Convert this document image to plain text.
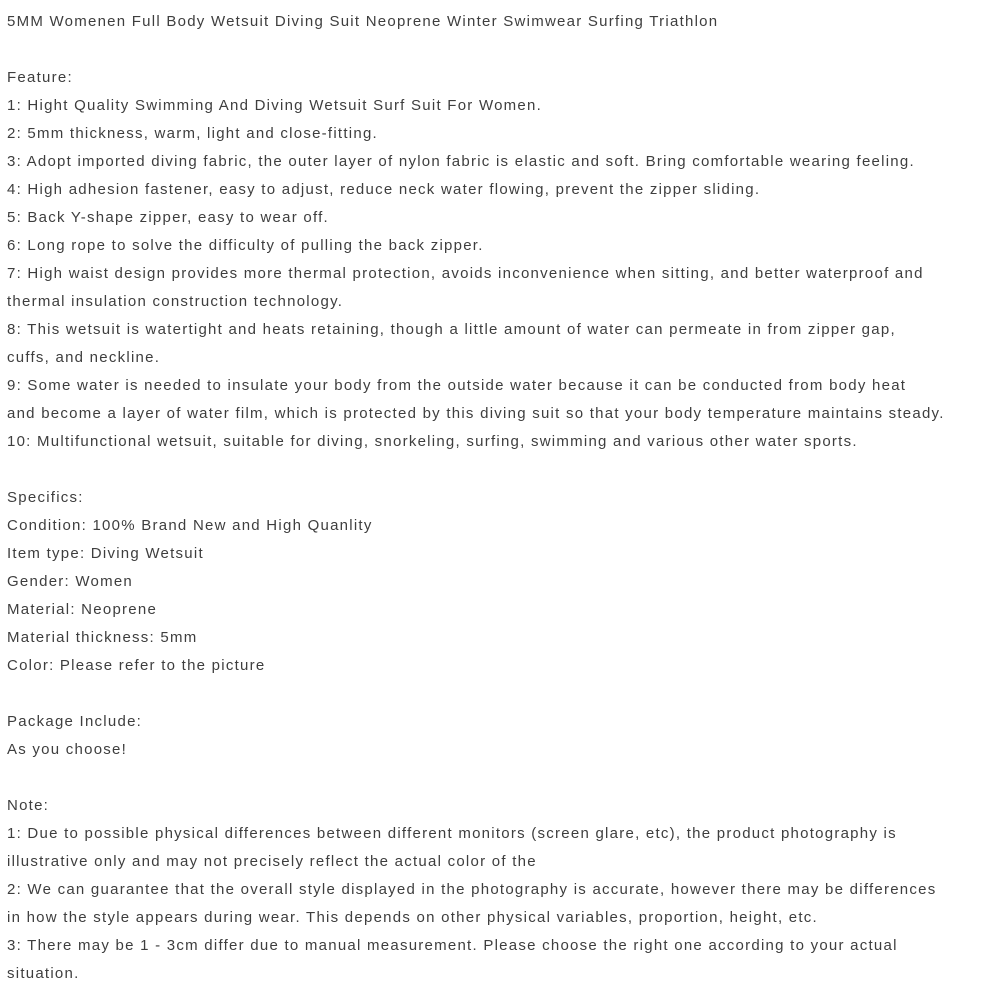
5MM Womenen Full Body Wetsuit Diving Suit Neoprene Winter Swimwear Surfing Triathlon
Feature:
1: Hight Quality Swimming And Diving Wetsuit Surf Suit For Women.
2: 5mm thickness, warm, light and close-fitting.
3: Adopt imported diving fabric, the outer layer of nylon fabric is elastic and soft. Bring comfortable wearing feeling.
4: High adhesion fastener, easy to adjust, reduce neck water flowing, prevent the zipper sliding.
5: Back Y-shape zipper, easy to wear off.
6: Long rope to solve the difficulty of pulling the back zipper.
7: High waist design provides more thermal protection, avoids inconvenience when sitting, and better waterproof and
thermal insulation construction technology.
8: This wetsuit is watertight and heats retaining, though a little amount of water can permeate in from zipper gap,
cuffs, and neckline.
9: Some water is needed to insulate your body from the outside water because it can be conducted from body heat
and become a layer of water film, which is protected by this diving suit so that your body temperature maintains steady.
10: Multifunctional wetsuit, suitable for diving, snorkeling, surfing, swimming and various other water sports.
Specifics:
Condition: 100% Brand New and High Quanlity
Item type: Diving Wetsuit
Gender: Women
Material: Neoprene
Material thickness: 5mm
Color: Please refer to the picture
Package Include:
As you choose!
Note:
1: Due to possible physical differences between different monitors (screen glare, etc), the product photography is
illustrative only and may not precisely reflect the actual color of the
2: We can guarantee that the overall style displayed in the photography is accurate, however there may be differences
in how the style appears during wear. This depends on other physical variables, proportion, height, etc.
3: There may be 1 - 3cm differ due to manual measurement. Please choose the right one according to your actual
situation.
